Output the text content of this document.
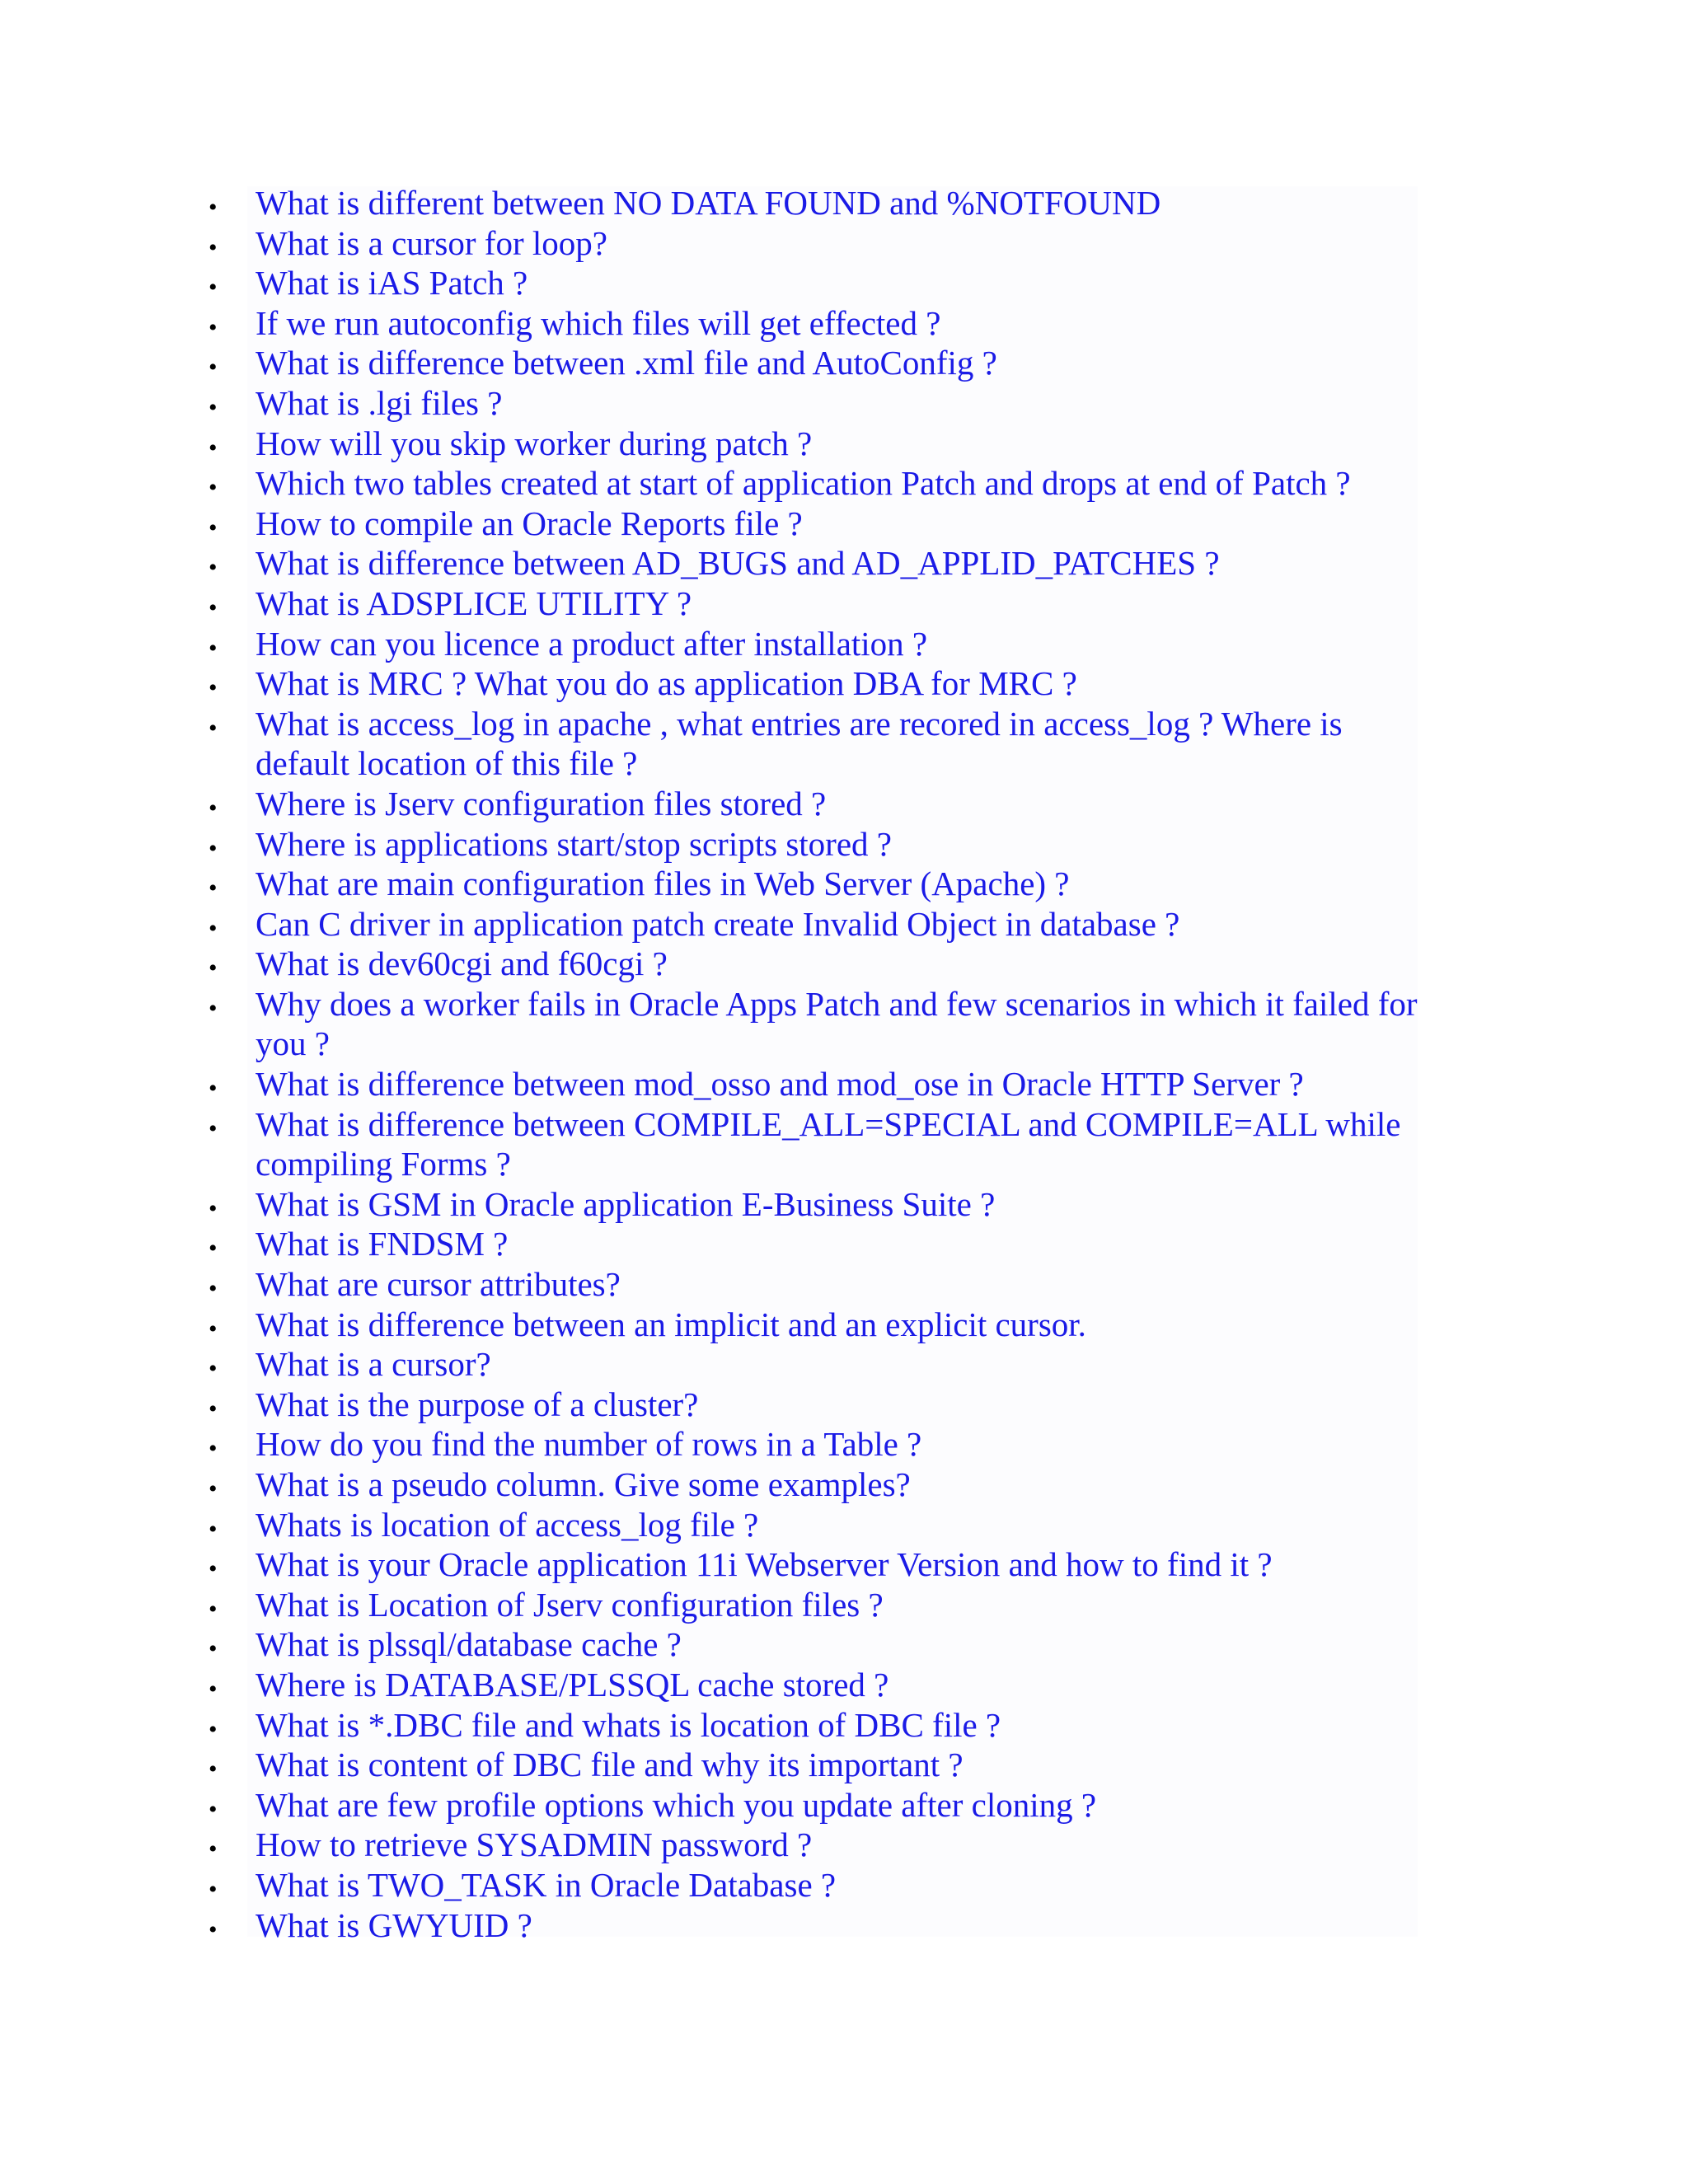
• What is different between NO DATA FOUND and %NOTFOUND
• What is a cursor for loop?
• What is iAS Patch ?
• If we run autoconfig which files will get effected ?
• What is difference between .xml file and AutoConfig ?
• What is .lgi files ?
• How will you skip worker during patch ?
• Which two tables created at start of application Patch and drops at end of Patch ?
• How to compile an Oracle Reports file ?
• What is difference between AD_BUGS and AD_APPLID_PATCHES ?
• What is ADSPLICE UTILITY ?
• How can you licence a product after installation ?
• What is MRC ? What you do as application DBA for MRC ?
• What is access_log in apache , what entries are recored in access_log ? Where is default location of this file ?
• Where is Jserv configuration files stored ?
• Where is applications start/stop scripts stored ?
• What are main configuration files in Web Server (Apache) ?
• Can C driver in application patch create Invalid Object in database ?
• What is dev60cgi and f60cgi ?
• Why does a worker fails in Oracle Apps Patch and few scenarios in which it failed for you ?
• What is difference between mod_osso and mod_ose in Oracle HTTP Server ?
• What is difference between COMPILE_ALL=SPECIAL and COMPILE=ALL while compiling Forms ?
• What is GSM in Oracle application E-Business Suite ?
• What is FNDSM ?
• What are cursor attributes?
• What is difference between an implicit and an explicit cursor.
• What is a cursor?
• What is the purpose of a cluster?
• How do you find the number of rows in a Table ?
• What is a pseudo column. Give some examples?
• Whats is location of access_log file ?
• What is your Oracle application 11i Webserver Version and how to find it ?
• What is Location of Jserv configuration files ?
• What is plssql/database cache ?
• Where is DATABASE/PLSSQL cache stored ?
• What is *.DBC file and whats is location of DBC file ?
• What is content of DBC file and why its important ?
• What are few profile options which you update after cloning ?
• How to retrieve SYSADMIN password ?
• What is TWO_TASK in Oracle Database ?
• What is GWYUID ?
